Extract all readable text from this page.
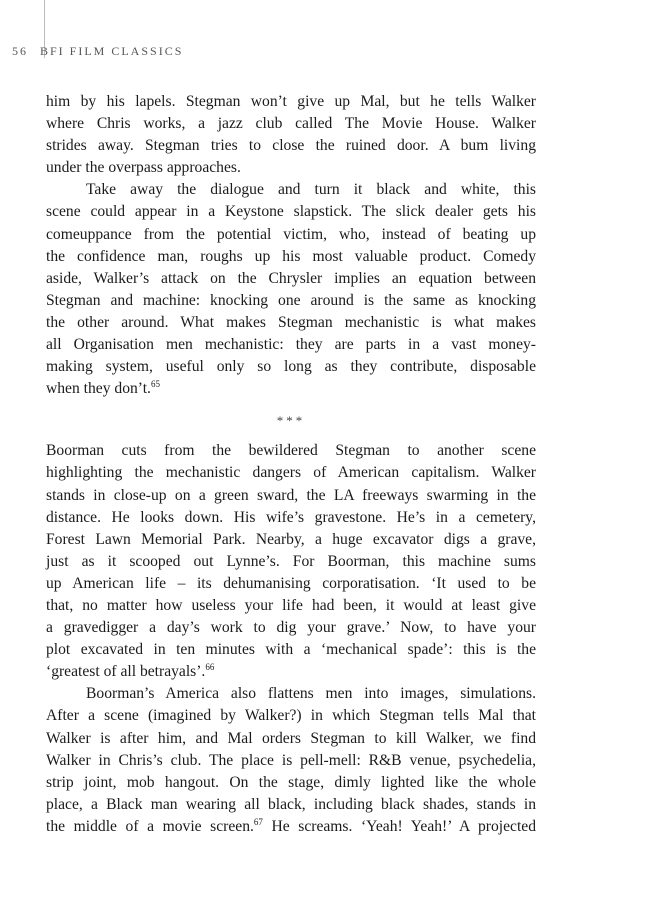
56 BFI FILM CLASSICS

him by his lapels. Stegman won’t give up Mal, but he tells Walker
where Chris works, a jazz club called The Movie House. Walker
strides away. Stegman tries to close the ruined door. A bum living
under the overpass approaches.

Take away the dialogue and turn it black and white, this
scene could appear in a Keystone slapstick. The slick dealer gets his
comeuppance from the potential victim, who, instead of beating up
the confidence man, roughs up his most valuable product. Comedy
aside, Walker’s attack on the Chrysler implies an equation between
Stegman and machine: knocking one around is the same as knocking
the other around. What makes Stegman mechanistic is what makes
all Organisation men mechanistic: they are parts in a vast money-
making system, useful only so long as they contribute, disposable
when they don’t.$^{65}$

***

Boorman cuts from the bewildered Stegman to another scene
highlighting the mechanistic dangers of American capitalism. Walker
stands in close-up on a green sward, the LA freeways swarming in the
distance. He looks down. His wife’s gravestone. He’s in a cemetery,
Forest Lawn Memorial Park. Nearby, a huge excavator digs a grave,
just as it scooped out Lynne’s. For Boorman, this machine sums
up American life – its dehumanising corporatisation. ‘It used to be
that, no matter how useless your life had been, it would at least give
a gravedigger a day’s work to dig your grave.’ Now, to have your
plot excavated in ten minutes with a ‘mechanical spade’: this is the
‘greatest of all betrayals’.$^{66}$

Boorman’s America also flattens men into images, simulations.
After a scene (imagined by Walker?) in which Stegman tells Mal that
Walker is after him, and Mal orders Stegman to kill Walker, we find
Walker in Chris’s club. The place is pell-mell: R&B venue, psychedelia,
strip joint, mob hangout. On the stage, dimly lighted like the whole
place, a Black man wearing all black, including black shades, stands in
the middle of a movie screen.$^{67}$ He screams. ‘Yeah! Yeah!’ A projected
